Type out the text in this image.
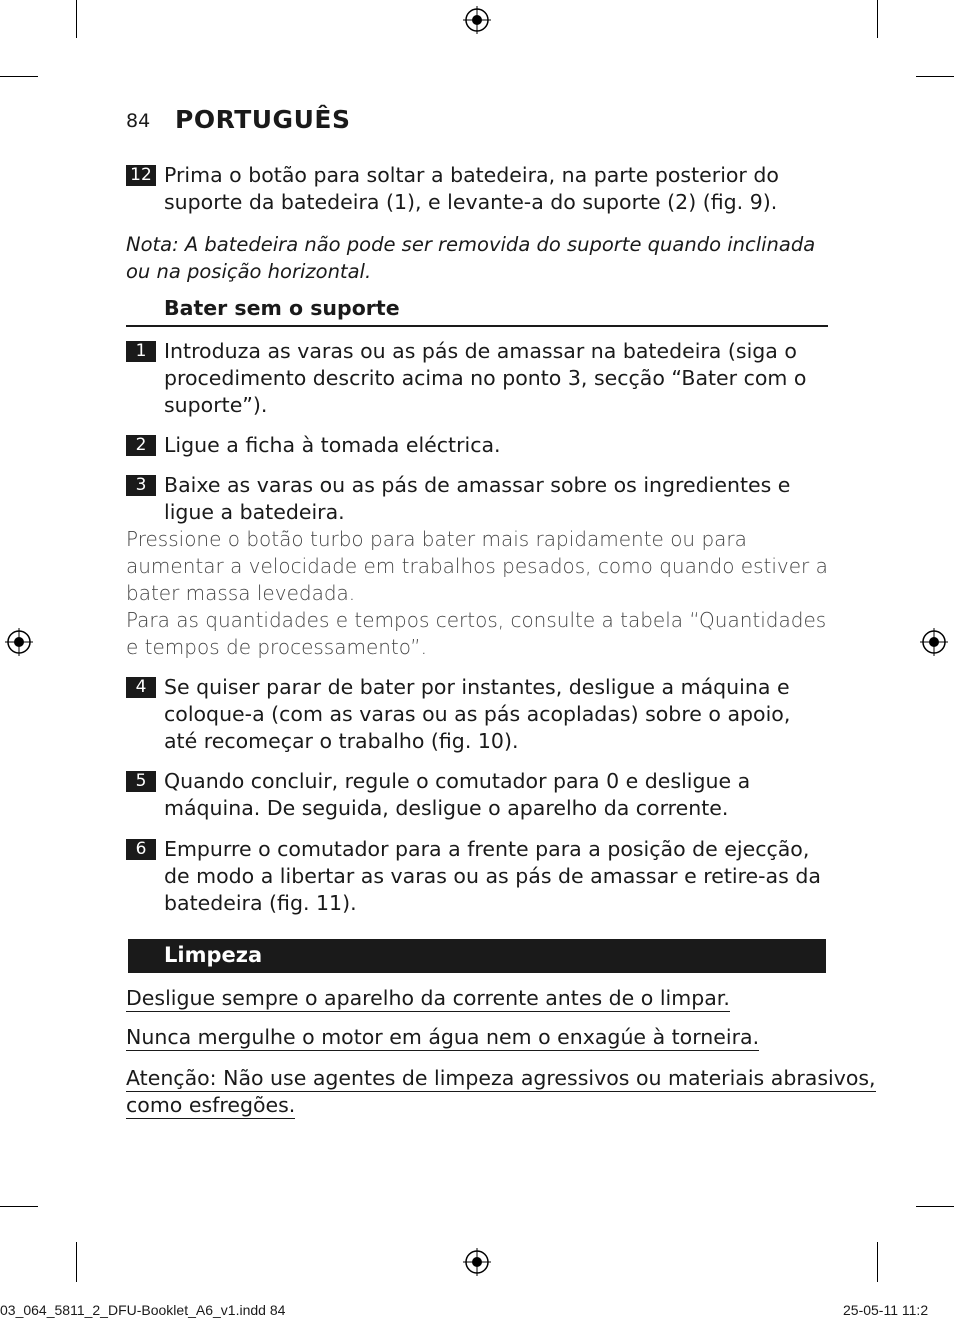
84 PORTUGUÊS
12 Prima o botão para soltar a batedeira, na parte posterior do suporte da batedeira (1), e levante-a do suporte (2) (fig. 9).
Nota: A batedeira não pode ser removida do suporte quando inclinada ou na posição horizontal.
Bater sem o suporte
1 Introduza as varas ou as pás de amassar na batedeira (siga o procedimento descrito acima no ponto 3, secção “Bater com o suporte”).
2 Ligue a ficha à tomada eléctrica.
3 Baixe as varas ou as pás de amassar sobre os ingredientes e ligue a batedeira.
Pressione o botão turbo para bater mais rapidamente ou para aumentar a velocidade em trabalhos pesados, como quando estiver a bater massa levedada.
Para as quantidades e tempos certos, consulte a tabela “Quantidades e tempos de processamento”.
4 Se quiser parar de bater por instantes, desligue a máquina e coloque-a (com as varas ou as pás acopladas) sobre o apoio, até recomeçar o trabalho (fig. 10).
5 Quando concluir, regule o comutador para 0 e desligue a máquina. De seguida, desligue o aparelho da corrente.
6 Empurre o comutador para a frente para a posição de ejecção, de modo a libertar as varas ou as pás de amassar e retire-as da batedeira (fig. 11).
Limpeza
Desligue sempre o aparelho da corrente antes de o limpar.
Nunca mergulhe o motor em água nem o enxagúe à torneira.
Atenção: Não use agentes de limpeza agressivos ou materiais abrasivos,
como esfregões.
03_064_5811_2_DFU-Booklet_A6_v1.indd 84	25-05-11 11:2
